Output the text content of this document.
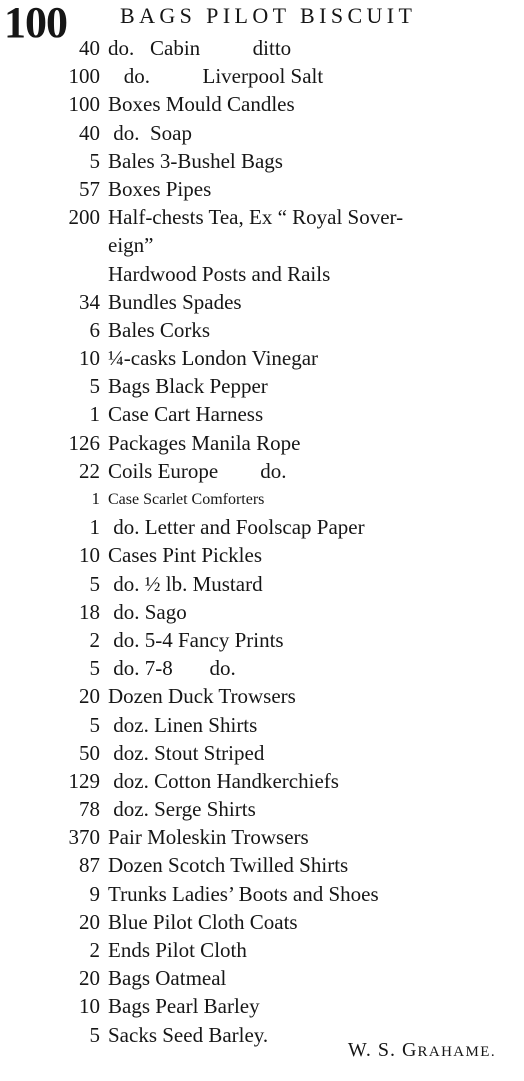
100 BAGS PILOT BISCUIT
40 do.   Cabin          ditto
100 do.          Liverpool Salt
100 Boxes Mould Candles
40 do.  Soap
5 Bales 3-Bushel Bags
57 Boxes Pipes
200 Half-chests Tea, Ex “ Royal Sover-
eign”
Hardwood Posts and Rails
34 Bundles Spades
6 Bales Corks
10 ¼-casks London Vinegar
5 Bags Black Pepper
1 Case Cart Harness
126 Packages Manila Rope
22 Coils Europe        do.
1 Case Scarlet Comforters
1 do. Letter and Foolscap Paper
10 Cases Pint Pickles
5 do. ½ lb. Mustard
18 do. Sago
2 do. 5-4 Fancy Prints
5 do. 7-8       do.
20 Dozen Duck Trowsers
5 doz. Linen Shirts
50 doz. Stout Striped
129 doz. Cotton Handkerchiefs
78 doz. Serge Shirts
370 Pair Moleskin Trowsers
87 Dozen Scotch Twilled Shirts
9 Trunks Ladies’ Boots and Shoes
20 Blue Pilot Cloth Coats
2 Ends Pilot Cloth
20 Bags Oatmeal
10 Bags Pearl Barley
5 Sacks Seed Barley.
W. S. GRAHAME.
